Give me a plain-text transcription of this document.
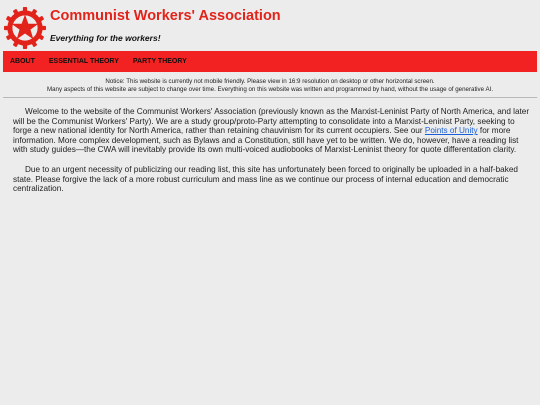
Communist Workers' Association
Everything for the workers!
ABOUT	ESSENTIAL THEORY	PARTY THEORY
Notice: This website is currently not mobile friendly. Please view in 16:9 resolution on desktop or other horizontal screen.
Many aspects of this website are subject to change over time. Everything on this website was written and programmed by hand, without the usage of generative AI.

Welcome to the website of the Communist Workers' Association (previously known as the Marxist-Leninist Party of North America, and later will be the Communist Workers' Party). We are a study group/proto-Party attempting to consolidate into a Marxist-Leninist Party, seeking to forge a new national identity for North America, rather than retaining chauvinism for its current occupiers. See our Points of Unity for more information. More complex development, such as Bylaws and a Constitution, still have yet to be written. We do, however, have a reading list with study guides—the CWA will inevitably provide its own multi-voiced audiobooks of Marxist-Leninist theory for quote differentation clarity.

Due to an urgent necessity of publicizing our reading list, this site has unfortunately been forced to originally be uploaded in a half-baked state. Please forgive the lack of a more robust curriculum and mass line as we continue our process of internal education and democratic centralization.
